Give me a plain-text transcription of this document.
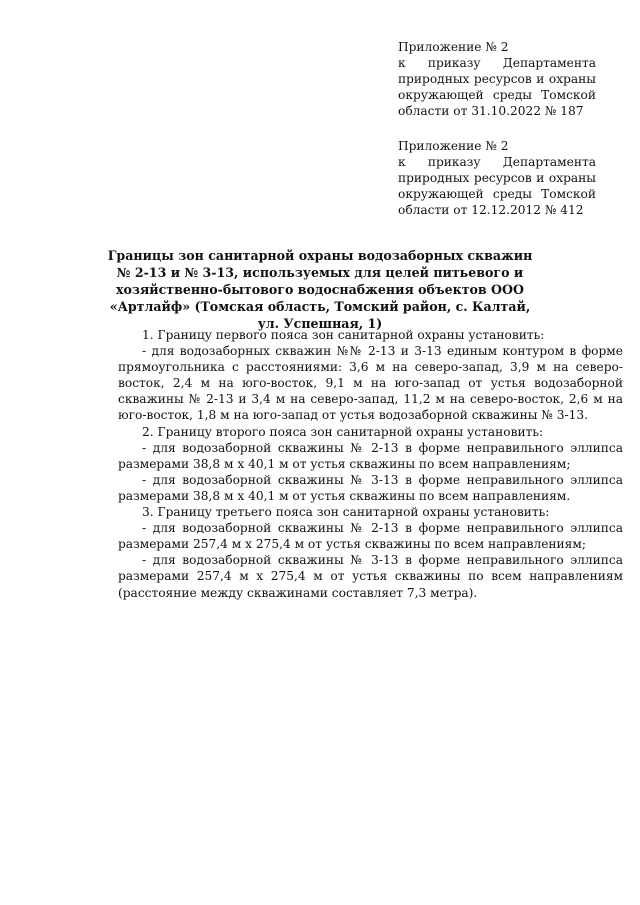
Приложение № 2
к приказу Департамента природных ресурсов и охраны окружающей среды Томской области от 31.10.2022 № 187
Приложение № 2
к приказу Департамента природных ресурсов и охраны окружающей среды Томской области от 12.12.2012 № 412
Границы зон санитарной охраны водозаборных скважин № 2-13 и № 3-13, используемых для целей питьевого и хозяйственно-бытового водоснабжения объектов ООО «Артлайф» (Томская область, Томский район, с. Калтай, ул. Успешная, 1)

1. Границу первого пояса зон санитарной охраны установить:

- для водозаборных скважин №№ 2-13 и 3-13 единым контуром в форме прямоугольника с расстояниями: 3,6 м на северо-запад, 3,9 м на северо-восток, 2,4 м на юго-восток, 9,1 м на юго-запад от устья водозаборной скважины № 2-13 и 3,4 м на северо-запад, 11,2 м на северо-восток, 2,6 м на юго-восток, 1,8 м на юго-запад от устья водозаборной скважины № 3-13.

2. Границу второго пояса зон санитарной охраны установить:

- для водозаборной скважины № 2-13 в форме неправильного эллипса размерами 38,8 м х 40,1 м от устья скважины по всем направлениям;

- для водозаборной скважины № 3-13 в форме неправильного эллипса размерами 38,8 м х 40,1 м от устья скважины по всем направлениям.

3. Границу третьего пояса зон санитарной охраны установить:

- для водозаборной скважины № 2-13 в форме неправильного эллипса размерами 257,4 м х 275,4 м от устья скважины по всем направлениям;

- для водозаборной скважины № 3-13 в форме неправильного эллипса размерами 257,4 м х 275,4 м от устья скважины по всем направлениям (расстояние между скважинами составляет 7,3 метра).
